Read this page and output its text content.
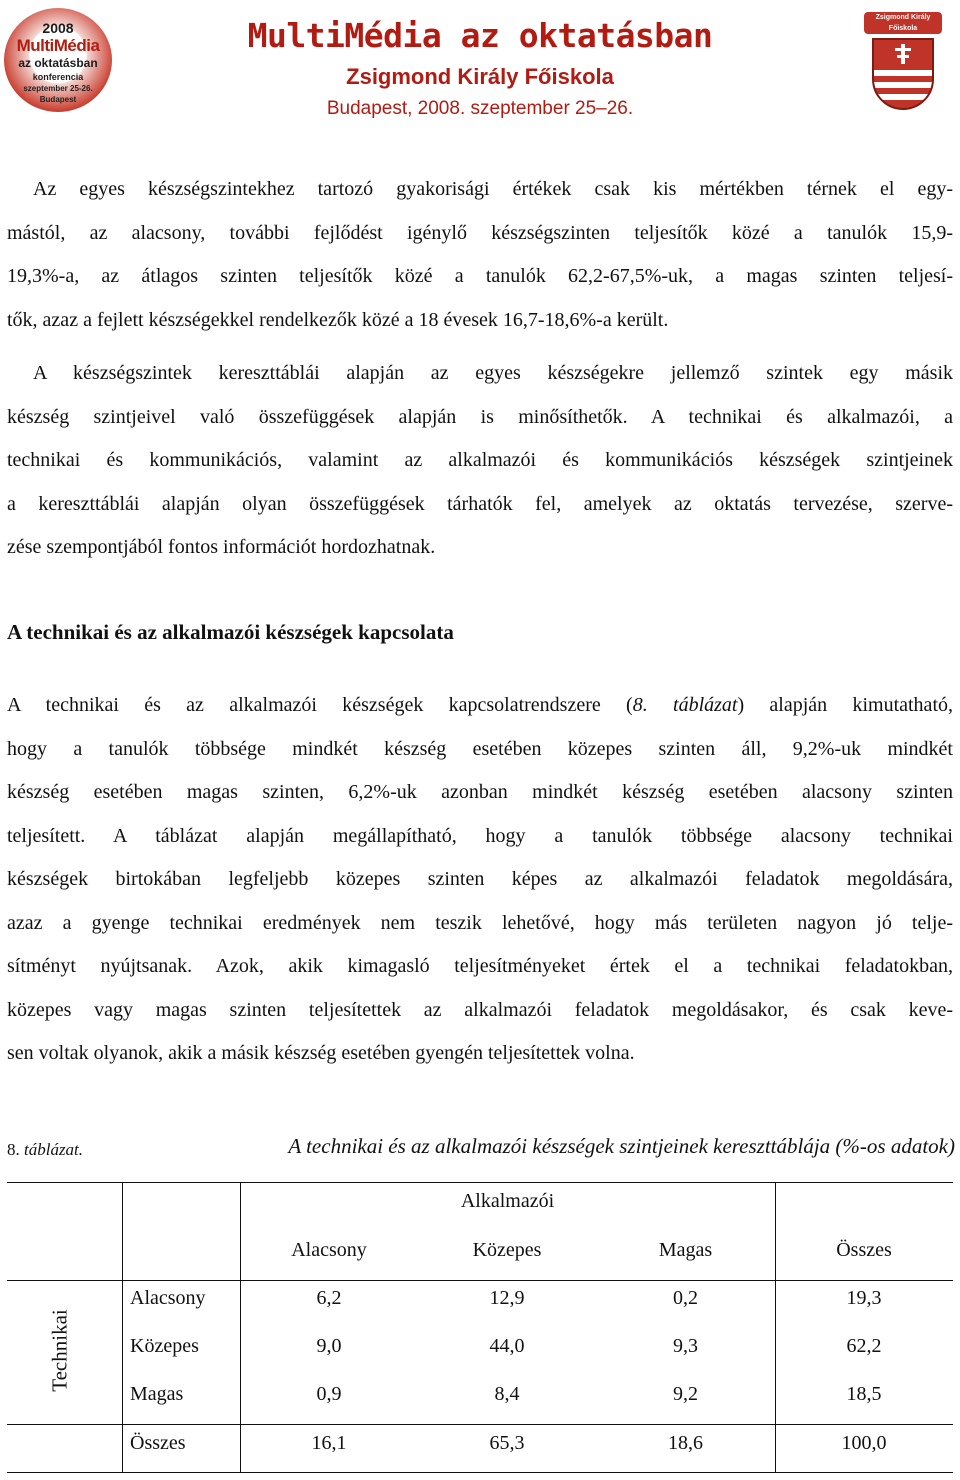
2008
MultiMédia
az oktatásban
konferencia
szeptember 25-26.
Budapest
MultiMédia az oktatásban
Zsigmond Király Főiskola
Budapest, 2008. szeptember 25–26.
Zsigmond Király
Főiskola
Az egyes készségszintekhez tartozó gyakorisági értékek csak kis mértékben térnek el egy-
mástól, az alacsony, további fejlődést igénylő készségszinten teljesítők közé a tanulók 15,9-
19,3%-a, az átlagos szinten teljesítők közé a tanulók 62,2-67,5%-uk, a magas szinten teljesí-
tők, azaz a fejlett készségekkel rendelkezők közé a 18 évesek 16,7-18,6%-a került.
A készségszintek kereszttáblái alapján az egyes készségekre jellemző szintek egy másik
készség szintjeivel való összefüggések alapján is minősíthetők. A technikai és alkalmazói, a
technikai és kommunikációs, valamint az alkalmazói és kommunikációs készségek szintjeinek
a kereszttáblái alapján olyan összefüggések tárhatók fel, amelyek az oktatás tervezése, szerve-
zése szempontjából fontos információt hordozhatnak.
A technikai és az alkalmazói készségek kapcsolata
A technikai és az alkalmazói készségek kapcsolatrendszere (8. táblázat) alapján kimutatható,
hogy a tanulók többsége mindkét készség esetében közepes szinten áll, 9,2%-uk mindkét
készség esetében magas szinten, 6,2%-uk azonban mindkét készség esetében alacsony szinten
teljesített. A táblázat alapján megállapítható, hogy a tanulók többsége alacsony technikai
készségek birtokában legfeljebb közepes szinten képes az alkalmazói feladatok megoldására,
azaz a gyenge technikai eredmények nem teszik lehetővé, hogy más területen nagyon jó telje-
sítményt nyújtsanak. Azok, akik kimagasló teljesítményeket értek el a technikai feladatokban,
közepes vagy magas szinten teljesítettek az alkalmazói feladatok megoldásakor, és csak keve-
sen voltak olyanok, akik a másik készség esetében gyengén teljesítettek volna.
8. táblázat.	A technikai és az alkalmazói készségek szintjeinek kereszttáblája (%-os adatok)
Alkalmazói
Alacsony	Közepes	Magas	Összes
Technikai
Alacsony	6,2	12,9	0,2	19,3
Közepes	9,0	44,0	9,3	62,2
Magas	0,9	8,4	9,2	18,5
Összes	16,1	65,3	18,6	100,0
